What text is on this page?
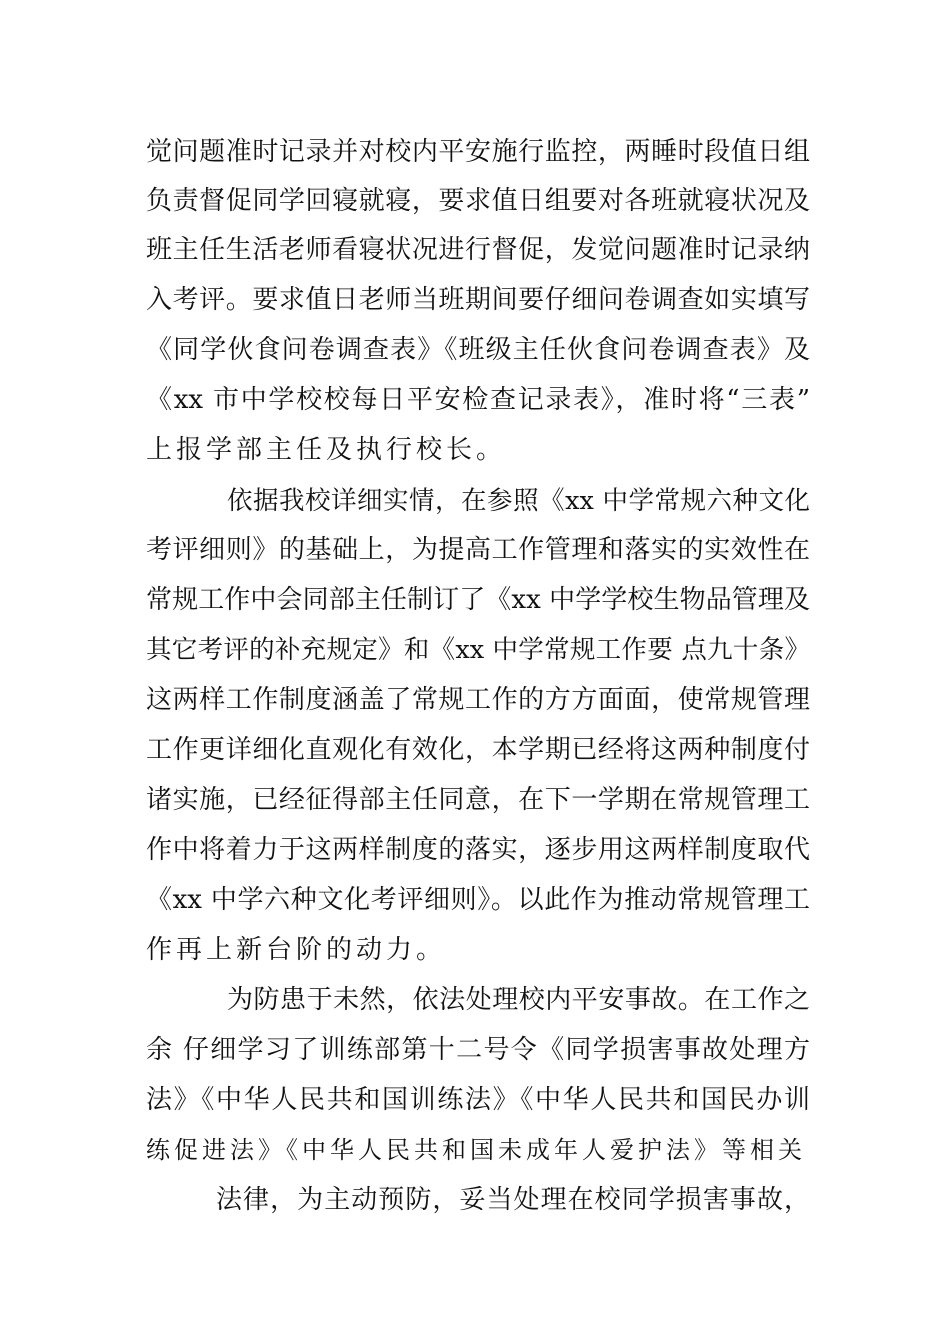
觉问题准时记录并对校内平安施行监控，两睡时段值日组
负责督促同学回寝就寝，要求值日组要对各班就寝状况及
班主任生活老师看寝状况进行督促，发觉问题准时记录纳
入考评。要求值日老师当班期间要仔细问卷调查如实填写
《同学伙食问卷调查表》《班级主任伙食问卷调查表》及
《xx 市中学校校每日平安检查记录表》，准时将“三表”
上报学部主任及执行校长。
依据我校详细实情，在参照《xx 中学常规六种文化
考评细则》的基础上，为提高工作管理和落实的实效性在
常规工作中会同部主任制订了《xx 中学学校生物品管理及
其它考评的补充规定》和《xx 中学常规工作要 点九十条》
这两样工作制度涵盖了常规工作的方方面面，使常规管理
工作更详细化直观化有效化，本学期已经将这两种制度付
诸实施，已经征得部主任同意，在下一学期在常规管理工
作中将着力于这两样制度的落实，逐步用这两样制度取代
《xx 中学六种文化考评细则》。以此作为推动常规管理工
作再上新台阶的动力。
为防患于未然，依法处理校内平安事故。在工作之
余 仔细学习了训练部第十二号令《同学损害事故处理方
法》《中华人民共和国训练法》《中华人民共和国民办训
练促进法》《中华人民共和国未成年人爱护法》等相关
法律，为主动预防，妥当处理在校同学损害事故，
